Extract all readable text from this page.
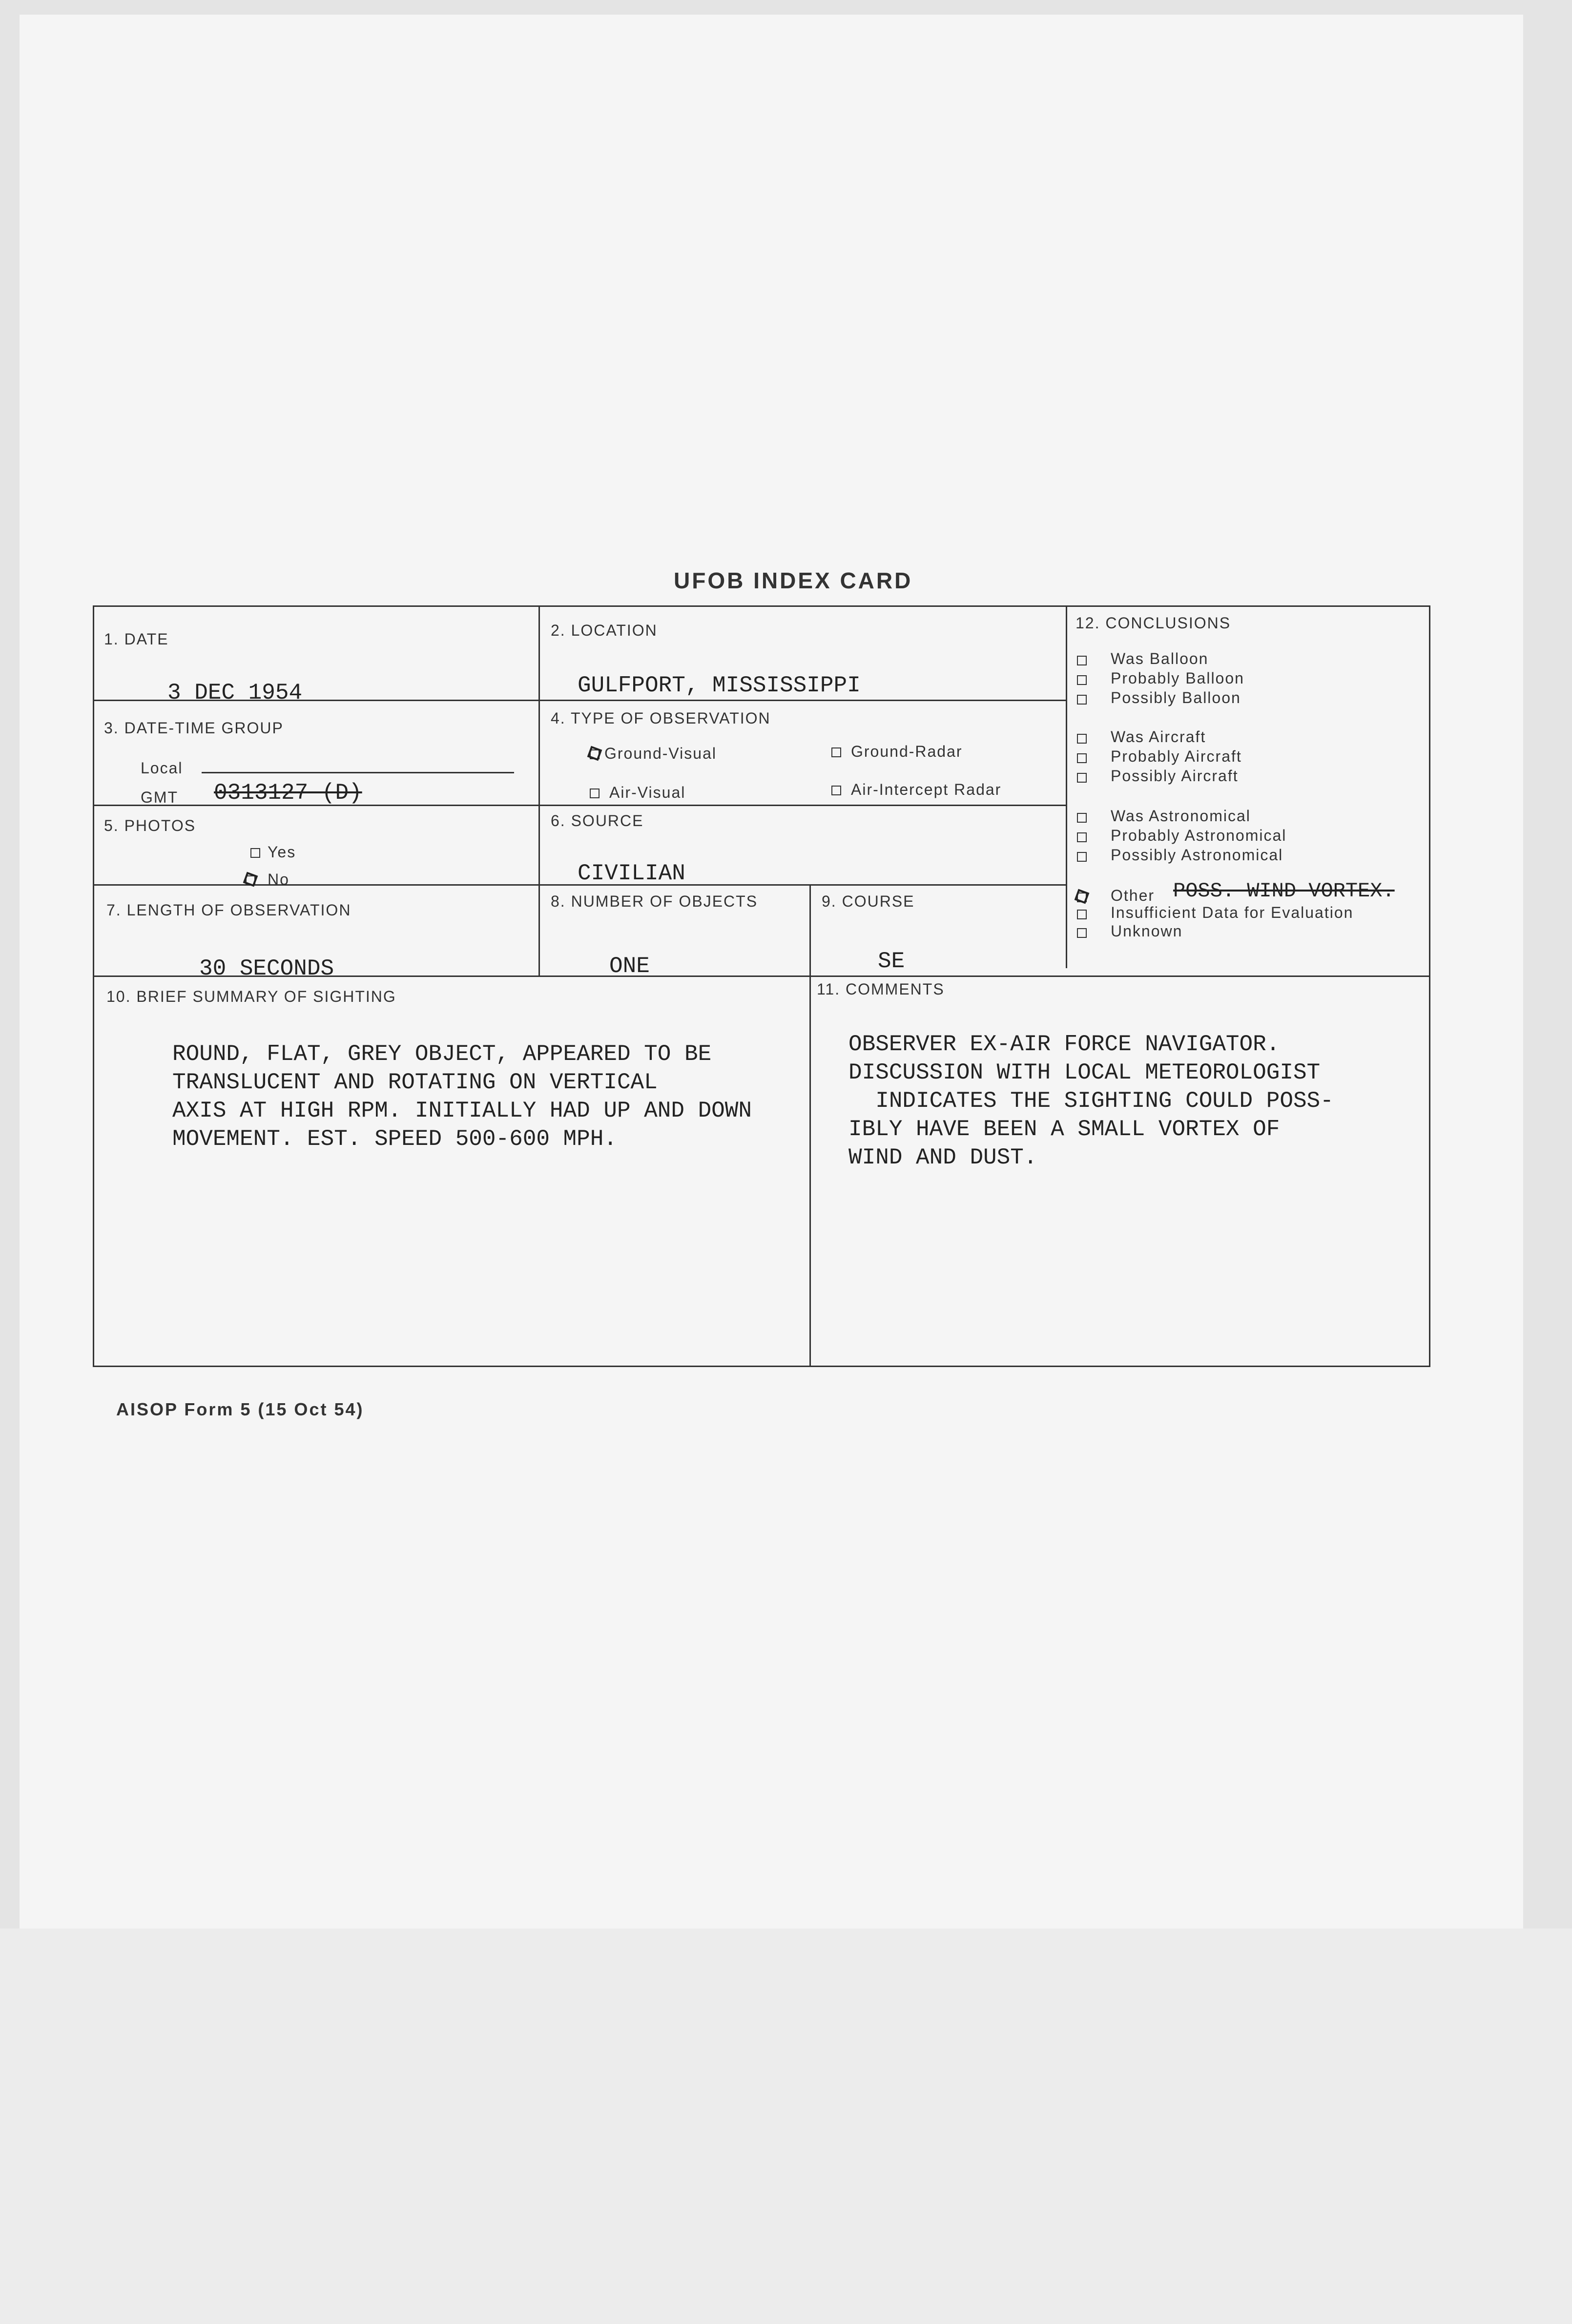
UFOB INDEX CARD
1. DATE
3 DEC 1954
2. LOCATION
GULFPORT, MISSISSIPPI
3. DATE-TIME GROUP
Local
GMT 0313127 (D)
4. TYPE OF OBSERVATION
Ground-Visual	Ground-Radar
Air-Visual	Air-Intercept Radar
5. PHOTOS
Yes
No
6. SOURCE
CIVILIAN
7. LENGTH OF OBSERVATION
30 SECONDS
8. NUMBER OF OBJECTS
ONE
9. COURSE
SE
10. BRIEF SUMMARY OF SIGHTING
ROUND, FLAT, GREY OBJECT, APPEARED TO BE
TRANSLUCENT AND ROTATING ON VERTICAL
AXIS AT HIGH RPM. INITIALLY HAD UP AND DOWN
MOVEMENT. EST. SPEED 500-600 MPH.
11. COMMENTS
OBSERVER EX-AIR FORCE NAVIGATOR.
DISCUSSION WITH LOCAL METEOROLOGIST
INDICATES THE SIGHTING COULD POSS-
IBLY HAVE BEEN A SMALL VORTEX OF
WIND AND DUST.
12. CONCLUSIONS
Was Balloon
Probably Balloon
Possibly Balloon
Was Aircraft
Probably Aircraft
Possibly Aircraft
Was Astronomical
Probably Astronomical
Possibly Astronomical
Other POSS. WIND VORTEX.
Insufficient Data for Evaluation
Unknown
AISOP Form 5 (15 Oct 54)
